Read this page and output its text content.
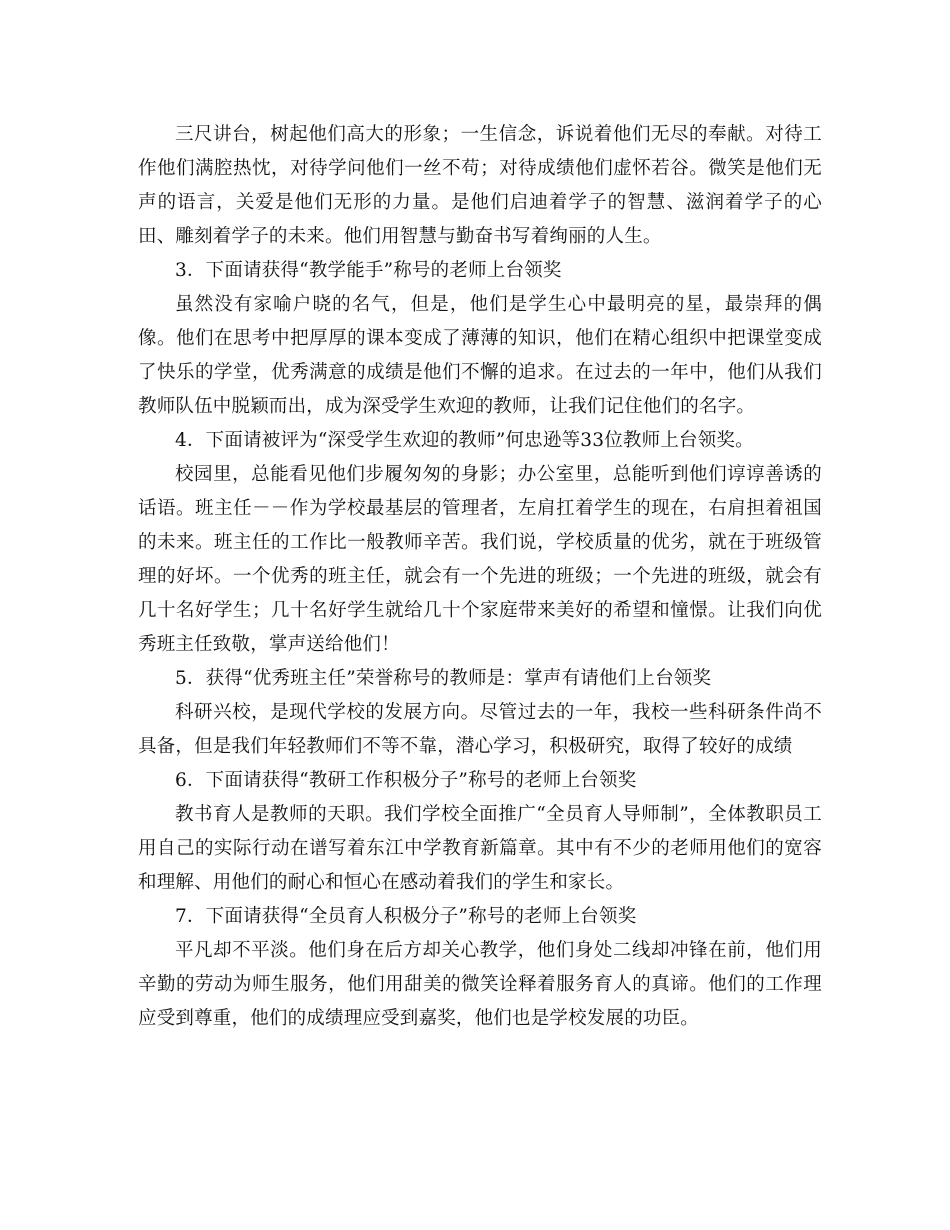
三尺讲台，树起他们高大的形象；一生信念，诉说着他们无尽的奉献。对待工作他们满腔热忱，对待学问他们一丝不苟；对待成绩他们虚怀若谷。微笑是他们无声的语言，关爱是他们无形的力量。是他们启迪着学子的智慧、滋润着学子的心田、雕刻着学子的未来。他们用智慧与勤奋书写着绚丽的人生。

3．下面请获得“教学能手”称号的老师上台领奖

虽然没有家喻户晓的名气，但是，他们是学生心中最明亮的星，最崇拜的偶像。他们在思考中把厚厚的课本变成了薄薄的知识，他们在精心组织中把课堂变成了快乐的学堂，优秀满意的成绩是他们不懈的追求。在过去的一年中，他们从我们教师队伍中脱颖而出，成为深受学生欢迎的教师，让我们记住他们的名字。

4．下面请被评为“深受学生欢迎的教师”何忠逊等33位教师上台领奖。

校园里，总能看见他们步履匆匆的身影；办公室里，总能听到他们谆谆善诱的话语。班主任－－作为学校最基层的管理者，左肩扛着学生的现在，右肩担着祖国的未来。班主任的工作比一般教师辛苦。我们说，学校质量的优劣，就在于班级管理的好坏。一个优秀的班主任，就会有一个先进的班级；一个先进的班级，就会有几十名好学生；几十名好学生就给几十个家庭带来美好的希望和憧憬。让我们向优秀班主任致敬，掌声送给他们！

5．获得“优秀班主任”荣誉称号的教师是：掌声有请他们上台领奖

科研兴校，是现代学校的发展方向。尽管过去的一年，我校一些科研条件尚不具备，但是我们年轻教师们不等不靠，潜心学习，积极研究，取得了较好的成绩

6．下面请获得“教研工作积极分子”称号的老师上台领奖

教书育人是教师的天职。我们学校全面推广“全员育人导师制”，全体教职员工用自己的实际行动在谱写着东江中学教育新篇章。其中有不少的老师用他们的宽容和理解、用他们的耐心和恒心在感动着我们的学生和家长。

7．下面请获得“全员育人积极分子”称号的老师上台领奖

平凡却不平淡。他们身在后方却关心教学，他们身处二线却冲锋在前，他们用辛勤的劳动为师生服务，他们用甜美的微笑诠释着服务育人的真谛。他们的工作理应受到尊重，他们的成绩理应受到嘉奖，他们也是学校发展的功臣。
